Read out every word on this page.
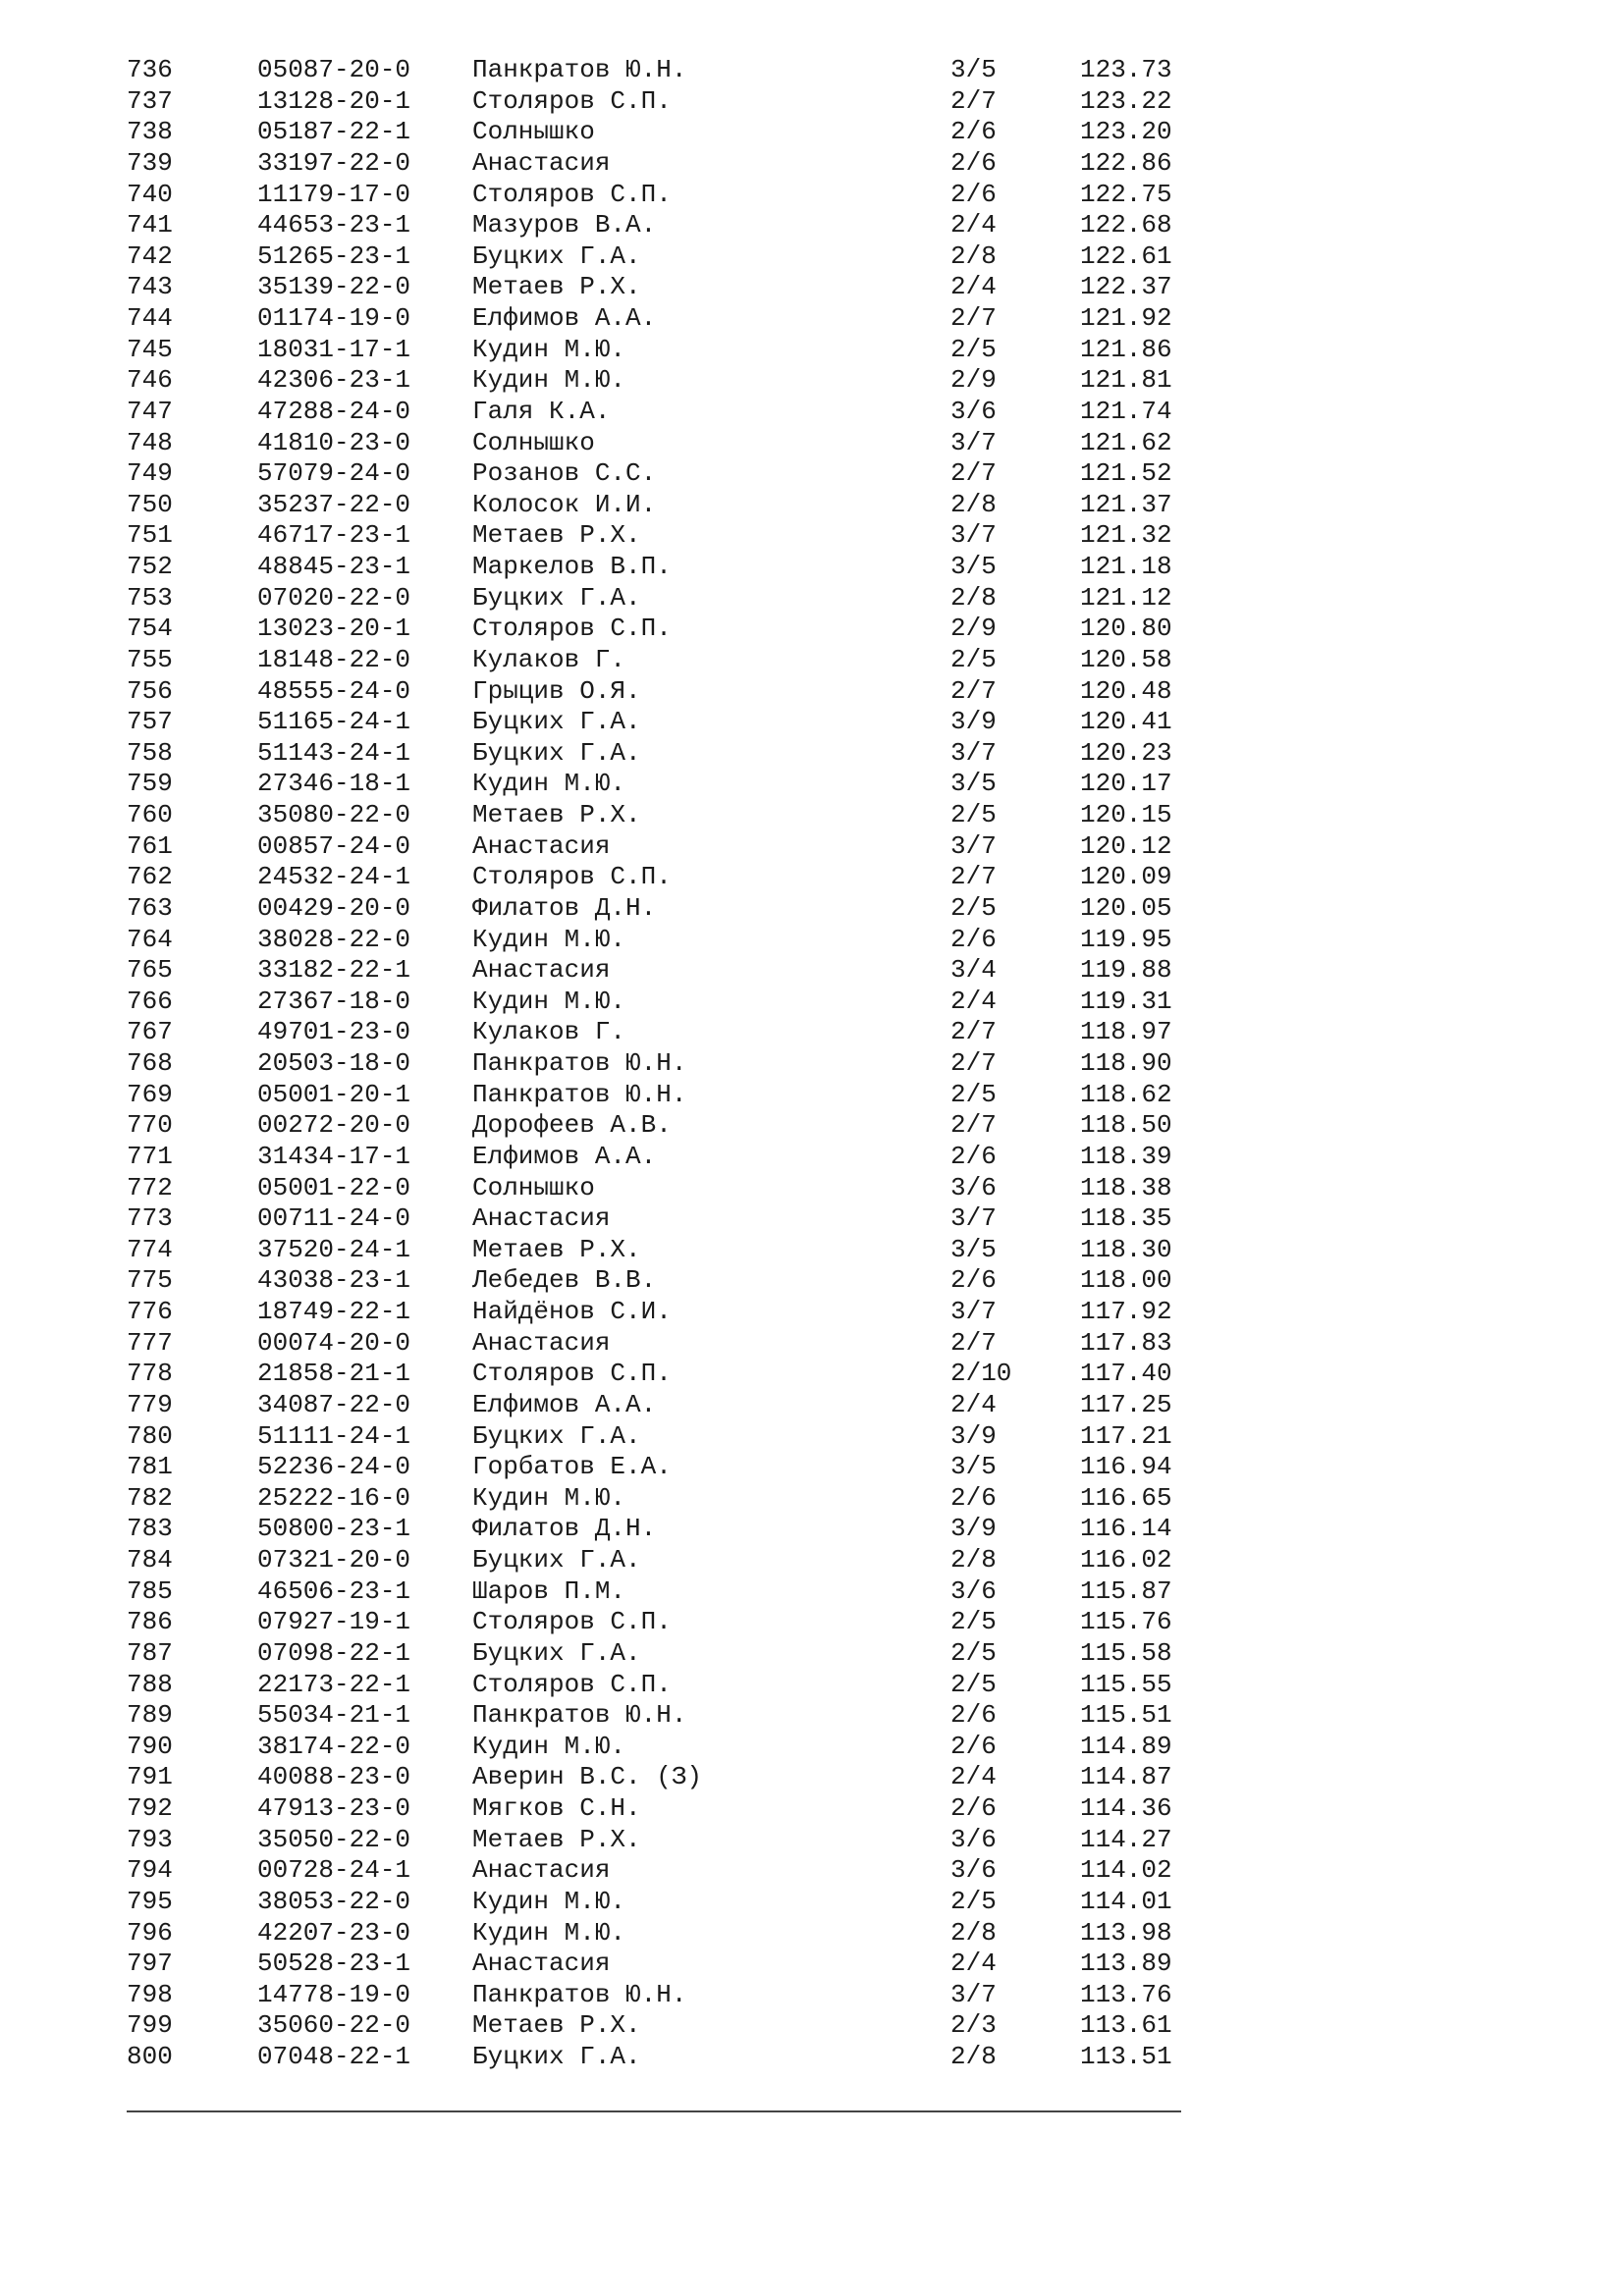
736	05087-20-0 Панкратов Ю.Н.	3/5	123.73
737	13128-20-1 Столяров С.П.	2/7	123.22
738	05187-22-1 Солнышко	2/6	123.20
739	33197-22-0 Анастасия	2/6	122.86
740	11179-17-0 Столяров С.П.	2/6	122.75
741	44653-23-1 Мазуров В.А.	2/4	122.68
742	51265-23-1 Буцких Г.А.	2/8	122.61
743	35139-22-0 Метаев Р.Х.	2/4	122.37
744	01174-19-0 Елфимов А.А.	2/7	121.92
745	18031-17-1 Кудин М.Ю.	2/5	121.86
746	42306-23-1 Кудин М.Ю.	2/9	121.81
747	47288-24-0 Галя К.А.	3/6	121.74
748	41810-23-0 Солнышко	3/7	121.62
749	57079-24-0 Розанов С.С.	2/7	121.52
750	35237-22-0 Колосок И.И.	2/8	121.37
751	46717-23-1 Метаев Р.Х.	3/7	121.32
752	48845-23-1 Маркелов В.П.	3/5	121.18
753	07020-22-0 Буцких Г.А.	2/8	121.12
754	13023-20-1 Столяров С.П.	2/9	120.80
755	18148-22-0 Кулаков Г.	2/5	120.58
756	48555-24-0 Грыцив О.Я.	2/7	120.48
757	51165-24-1 Буцких Г.А.	3/9	120.41
758	51143-24-1 Буцких Г.А.	3/7	120.23
759	27346-18-1 Кудин М.Ю.	3/5	120.17
760	35080-22-0 Метаев Р.Х.	2/5	120.15
761	00857-24-0 Анастасия	3/7	120.12
762	24532-24-1 Столяров С.П.	2/7	120.09
763	00429-20-0 Филатов Д.Н.	2/5	120.05
764	38028-22-0 Кудин М.Ю.	2/6	119.95
765	33182-22-1 Анастасия	3/4	119.88
766	27367-18-0 Кудин М.Ю.	2/4	119.31
767	49701-23-0 Кулаков Г.	2/7	118.97
768	20503-18-0 Панкратов Ю.Н.	2/7	118.90
769	05001-20-1 Панкратов Ю.Н.	2/5	118.62
770	00272-20-0 Дорофеев А.В.	2/7	118.50
771	31434-17-1 Елфимов А.А.	2/6	118.39
772	05001-22-0 Солнышко	3/6	118.38
773	00711-24-0 Анастасия	3/7	118.35
774	37520-24-1 Метаев Р.Х.	3/5	118.30
775	43038-23-1 Лебедев В.В.	2/6	118.00
776	18749-22-1 Найдёнов С.И.	3/7	117.92
777	00074-20-0 Анастасия	2/7	117.83
778	21858-21-1 Столяров С.П.	2/10	117.40
779	34087-22-0 Елфимов А.А.	2/4	117.25
780	51111-24-1 Буцких Г.А.	3/9	117.21
781	52236-24-0 Горбатов Е.А.	3/5	116.94
782	25222-16-0 Кудин М.Ю.	2/6	116.65
783	50800-23-1 Филатов Д.Н.	3/9	116.14
784	07321-20-0 Буцких Г.А.	2/8	116.02
785	46506-23-1 Шаров П.М.	3/6	115.87
786	07927-19-1 Столяров С.П.	2/5	115.76
787	07098-22-1 Буцких Г.А.	2/5	115.58
788	22173-22-1 Столяров С.П.	2/5	115.55
789	55034-21-1 Панкратов Ю.Н.	2/6	115.51
790	38174-22-0 Кудин М.Ю.	2/6	114.89
791	40088-23-0 Аверин В.С. (З)	2/4	114.87
792	47913-23-0 Мягков С.Н.	2/6	114.36
793	35050-22-0 Метаев Р.Х.	3/6	114.27
794	00728-24-1 Анастасия	3/6	114.02
795	38053-22-0 Кудин М.Ю.	2/5	114.01
796	42207-23-0 Кудин М.Ю.	2/8	113.98
797	50528-23-1 Анастасия	2/4	113.89
798	14778-19-0 Панкратов Ю.Н.	3/7	113.76
799	35060-22-0 Метаев Р.Х.	2/3	113.61
800	07048-22-1 Буцких Г.А.	2/8	113.51
